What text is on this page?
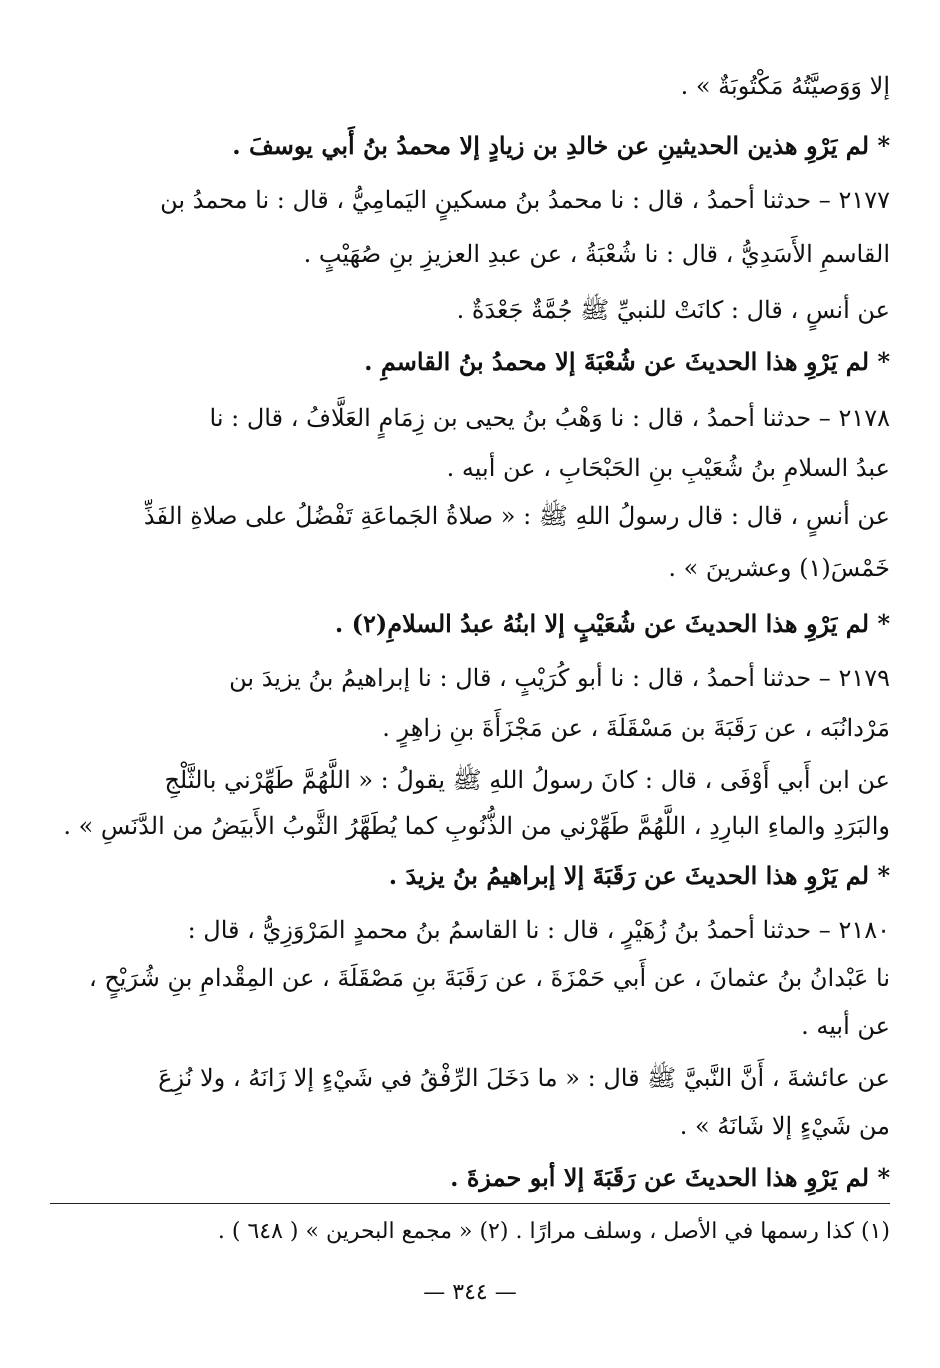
إلا وَوَصيَّتُهُ مَكْتُوبَةٌ » .
* لم يَرْوِ هذين الحديثينِ عن خالدِ بن زيادٍ إلا محمدُ بنُ أَبي يوسفَ .
٢١٧٧ – حدثنا أحمدُ ، قال : نا محمدُ بنُ مسكينٍ اليَمامِيُّ ، قال : نا محمدُ بن
القاسمِ الأَسَدِيُّ ، قال : نا شُعْبَةُ ، عن عبدِ العزيزِ بنِ صُهَيْبٍ .
عن أنسٍ ، قال : كانَتْ للنبيِّ ﷺ جُمَّةٌ جَعْدَةٌ .
* لم يَرْوِ هذا الحديثَ عن شُعْبَةَ إلا محمدُ بنُ القاسمِ .
٢١٧٨ – حدثنا أحمدُ ، قال : نا وَهْبُ بنُ يحيى بن زِمَامٍ العَلَّافُ ، قال : نا
عبدُ السلامِ بنُ شُعَيْبِ بنِ الحَبْحَابِ ، عن أبيه .
عن أنسٍ ، قال : قال رسولُ اللهِ ﷺ : « صلاةُ الجَماعَةِ تَفْضُلُ على صلاةِ الفَذِّ
خَمْسَ(١) وعشرينَ » .
* لم يَرْوِ هذا الحديثَ عن شُعَيْبٍ إلا ابنُهُ عبدُ السلامِ(٢) .
٢١٧٩ – حدثنا أحمدُ ، قال : نا أبو كُرَيْبٍ ، قال : نا إبراهيمُ بنُ يزيدَ بن
مَرْدانُبَه ، عن رَقَبَةَ بن مَسْقَلَةَ ، عن مَجْزَأَةَ بنِ زاهِرٍ .
عن ابن أَبي أَوْفَى ، قال : كانَ رسولُ اللهِ ﷺ يقولُ : « اللَّهُمَّ طَهِّرْني بالثَّلْجِ
والبَرَدِ والماءِ البارِدِ ، اللَّهُمَّ طَهِّرْني من الذُّنُوبِ كما يُطَهَّرُ الثَّوبُ الأَبيَضُ من الدَّنَسِ » .
* لم يَرْوِ هذا الحديثَ عن رَقَبَةَ إلا إبراهيمُ بنُ يزيدَ .
٢١٨٠ – حدثنا أحمدُ بنُ زُهَيْرٍ ، قال : نا القاسمُ بنُ محمدٍ المَرْوَزِيُّ ، قال :
نا عَبْدانُ بنُ عثمانَ ، عن أَبي حَمْزَةَ ، عن رَقَبَةَ بنِ مَصْقَلَةَ ، عن المِقْدامِ بنِ شُرَيْحٍ ،
عن أبيه .
عن عائشةَ ، أَنَّ النَّبيَّ ﷺ قال : « ما دَخَلَ الرِّفْقُ في شَيْءٍ إلا زَانَهُ ، ولا نُزِعَ
من شَيْءٍ إلا شَانَهُ » .
* لم يَرْوِ هذا الحديثَ عن رَقَبَةَ إلا أبو حمزةَ .
(١) كذا رسمها في الأصل ، وسلف مرارًا . (٢) « مجمع البحرين » ( ٦٤٨ ) .
— ٣٤٤ —
